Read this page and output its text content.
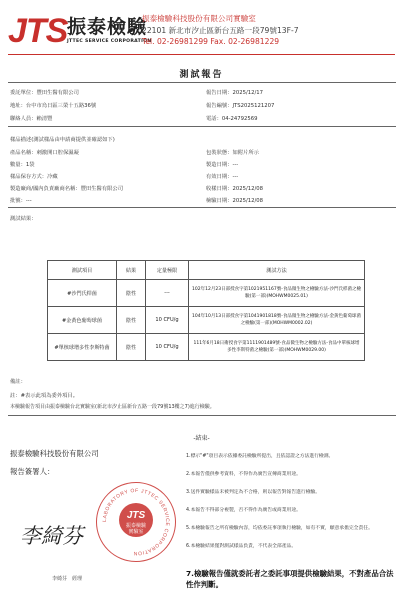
JTS 振泰檢驗
JTTEC SERVICE CORPORATION
振泰檢驗科技股份有限公司實驗室
22101 新北市汐止區新台五路一段79號13F-7
Tel. 02-26981299 Fax. 02-26981229
測試報告
委託單位：豐田生醫有限公司	報告日期：2025/12/17
地址：台中市烏日區三榮十五路36號	報告編號：JTS2025121207
聯絡人員：賴清豐	電話：04-24792569
樣品描述(測試樣品由申請商提供並確認如下)
產品名稱：刺激開口腔保濕凝	包裝狀態：如附片所示
數量：1袋	製造日期：---
樣品保存方式：冷藏	有效日期：---
製造廠商/國內負責廠商名稱：豐田生醫有限公司	收樣日期：2025/12/08
批號：---	檢驗日期：2025/12/08
測試結果：
測試項目	結果	定量極限	測試方法
#沙門氏桿菌	陰性	---	102年12月23日部授食字第1021951167號-食品微生物之檢驗方法-沙門氏桿菌之檢驗(第一部)(MOHWM0025.01)
#金黃色葡萄球菌	陰性	10 CFU/g	104年10月13日部授食字第1041901818號-食品微生物之檢驗方法-金黃色葡萄球菌之檢驗(第一部)(MOHWM0002.02)
#單核球增多性李斯特菌	陰性	10 CFU/g	111年6月18日衛授食字第1111901489號-食品微生物之檢驗方法-食品中單核球增多性李斯特菌之檢驗(第一部)(MOHWM0029.00)
備註：
註：#表示此項為委外項目。
本檢驗報告項目由振泰檢驗台北實驗室(新北市汐止區新台五路一段79號13樓之7)進行檢驗。
-結束-
振泰檢驗科技股份有限公司
報告簽署人：
LABORATORY OF JTTEC SERVICE CORPORATION
JTS
振泰檢驗
實驗室
李綺芬
李綺芬　經理
1.標示"#"項目表示依據委託檢驗所提出，且依認證之方法進行檢測。
2.本報告僅供參考資料，不得作為廣告宣傳商業用途。
3.送件實驗樣品未被判定為不合格，則以報告對報告進行檢驗。
4.本報告不得部分複製，否不得作為廣告或商業用途。
5.本檢驗報告之所有檢驗內容，均依委託事項執行檢驗，如有不實，願意承擔完全責任。
6.本檢驗結果僅對測試樣品負責，不代表全部產品。
7.檢驗報告僅就委託者之委託事項提供檢驗結果，不對產品合法性作判斷。
